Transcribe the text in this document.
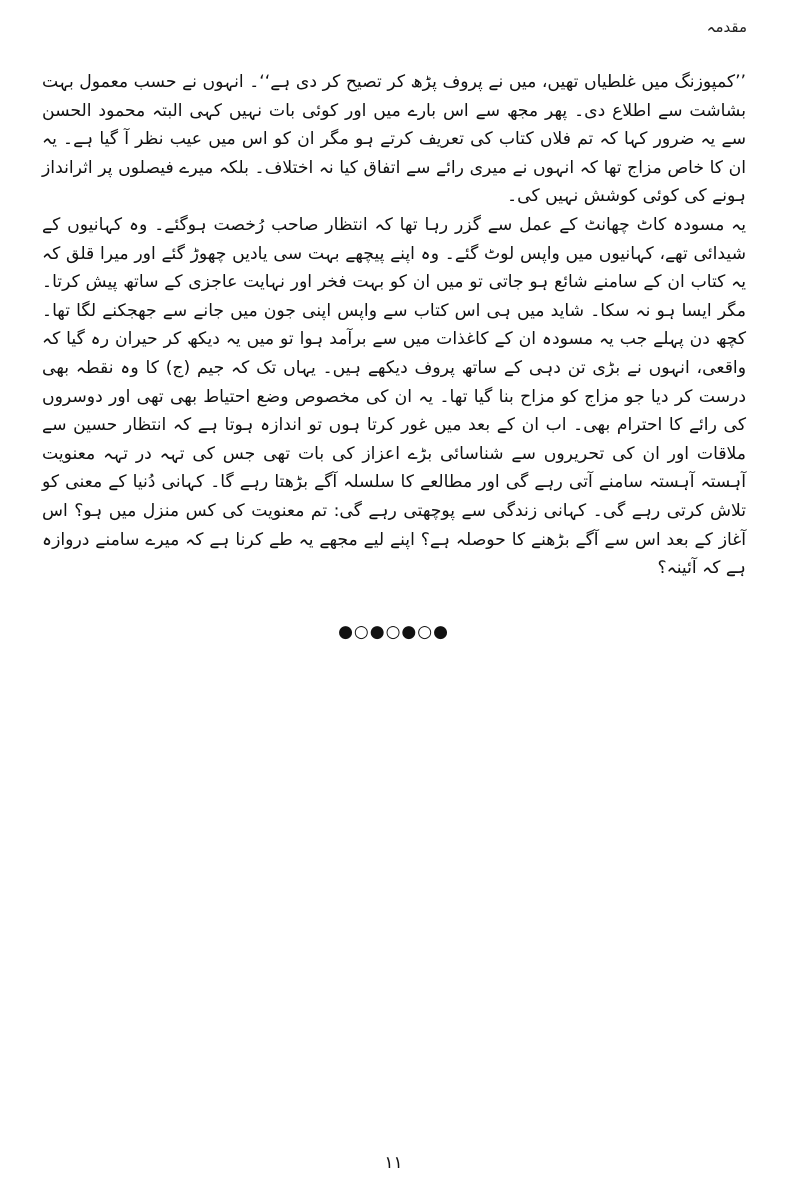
مقدمہ

’’کمپوزنگ میں غلطیاں تھیں، میں نے پروف پڑھ کر تصیح کر دی ہے‘‘۔ انہوں نے حسب معمول بہت بشاشت سے اطلاع دی۔ پھر مجھ سے اس بارے میں اور کوئی بات نہیں کہی البتہ محمود الحسن سے یہ ضرور کہا کہ تم فلاں کتاب کی تعریف کرتے ہو مگر ان کو اس میں عیب نظر آ گیا ہے۔ یہ ان کا خاص مزاج تھا کہ انہوں نے میری رائے سے اتفاق کیا نہ اختلاف۔ بلکہ میرے فیصلوں پر اثرانداز ہونے کی کوئی کوشش نہیں کی۔

یہ مسودہ کاٹ چھانٹ کے عمل سے گزر رہا تھا کہ انتظار صاحب رُخصت ہوگئے۔ وہ کہانیوں کے شیدائی تھے، کہانیوں میں واپس لوٹ گئے۔ وہ اپنے پیچھے بہت سی یادیں چھوڑ گئے اور میرا قلق کہ یہ کتاب ان کے سامنے شائع ہو جاتی تو میں ان کو بہت فخر اور نہایت عاجزی کے ساتھ پیش کرتا۔ مگر ایسا ہو نہ سکا۔ شاید میں ہی اس کتاب سے واپس اپنی جون میں جانے سے جھجکنے لگا تھا۔ کچھ دن پہلے جب یہ مسودہ ان کے کاغذات میں سے برآمد ہوا تو میں یہ دیکھ کر حیران رہ گیا کہ واقعی، انہوں نے بڑی تن دہی کے ساتھ پروف دیکھے ہیں۔ یہاں تک کہ جیم (ج) کا وہ نقطہ بھی درست کر دیا جو مزاج کو مزاح بنا گیا تھا۔ یہ ان کی مخصوص وضع احتیاط بھی تھی اور دوسروں کی رائے کا احترام بھی۔ اب ان کے بعد میں غور کرتا ہوں تو اندازہ ہوتا ہے کہ انتظار حسین سے ملاقات اور ان کی تحریروں سے شناسائی بڑے اعزاز کی بات تھی جس کی تہہ در تہہ معنویت آہستہ آہستہ سامنے آتی رہے گی اور مطالعے کا سلسلہ آگے بڑھتا رہے گا۔ کہانی دُنیا کے معنی کو تلاش کرتی رہے گی۔ کہانی زندگی سے پوچھتی رہے گی: تم معنویت کی کس منزل میں ہو؟ اس آغاز کے بعد اس سے آگے بڑھنے کا حوصلہ ہے؟ اپنے لیے مجھے یہ طے کرنا ہے کہ میرے سامنے دروازہ ہے کہ آئینہ؟

●○●○●○●
۱۱
